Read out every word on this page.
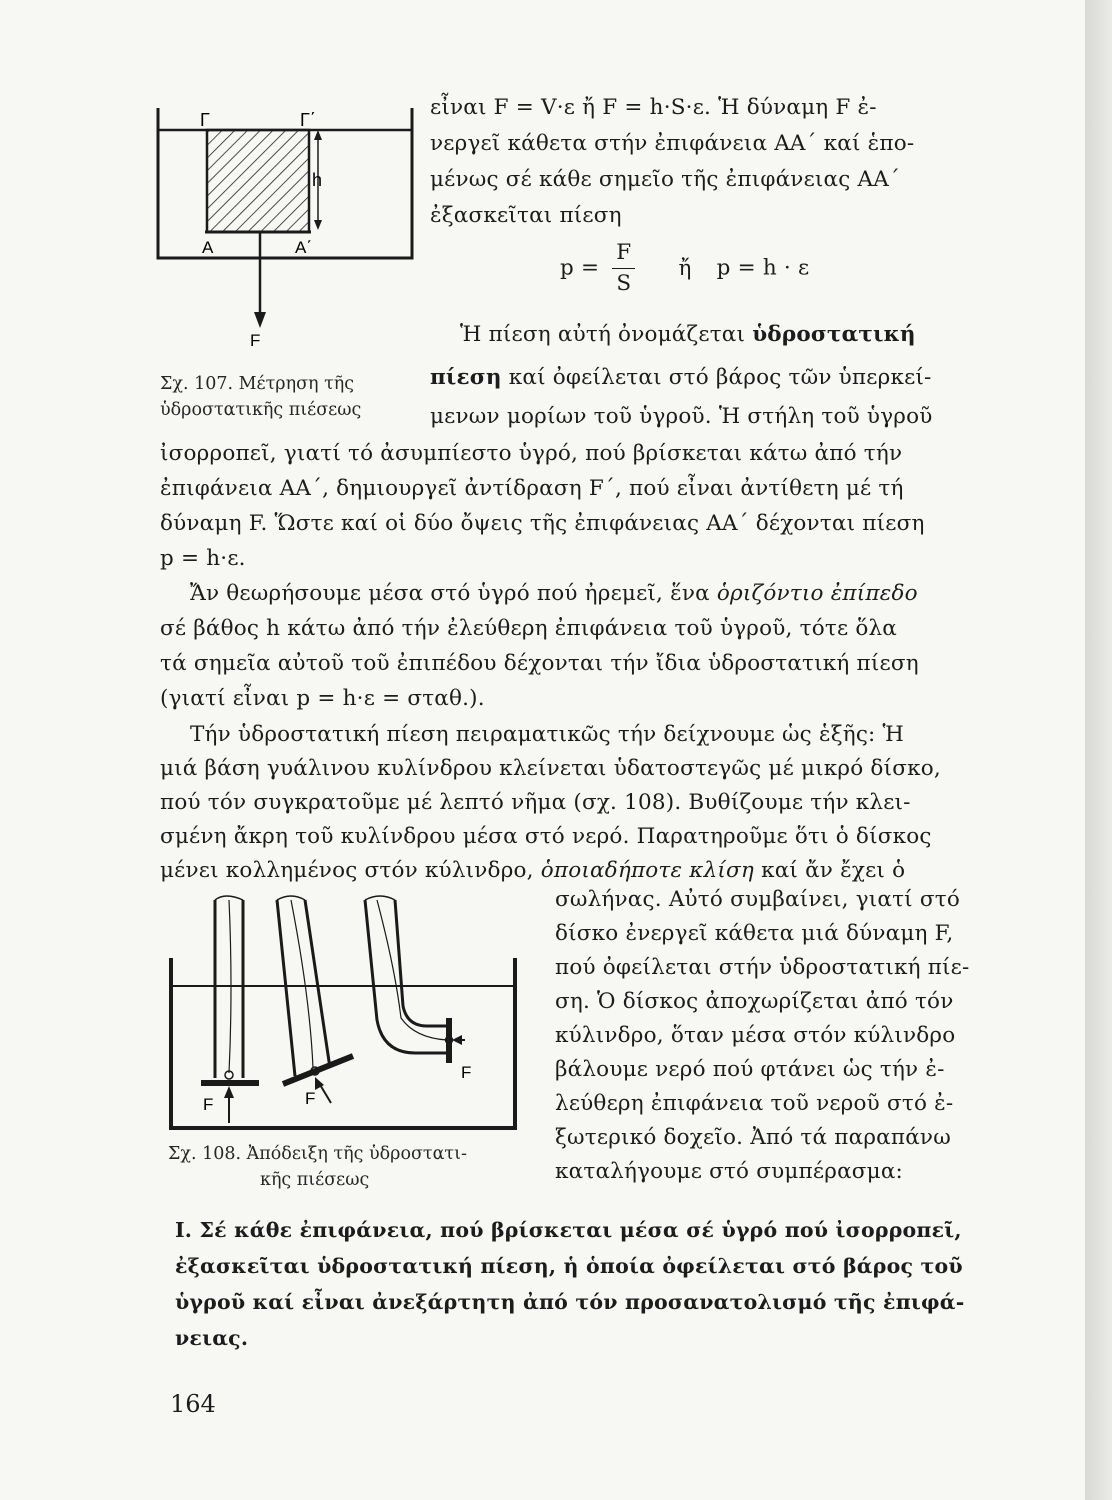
Γ	Γ΄
h
Α	Α΄
F
Σχ. 107. Μέτρηση τῆς
ὑδροστατικῆς πιέσεως
εἶναι F = V·ε ἤ F = h·S·ε. Ἡ δύναμη F ἐ-
νεργεῖ κάθετα στήν ἐπιφάνεια ΑΑ΄ καί ἑπο-
μένως σέ κάθε σημεῖο τῆς ἐπιφάνειας ΑΑ΄
ἐξασκεῖται πίεση
$p = \frac{F}{S}$ ἤ p = h · ε
Ἡ πίεση αὐτή ὀνομάζεται ὑδροστατική
πίεση καί ὀφείλεται στό βάρος τῶν ὑπερκεί-
μενων μορίων τοῦ ὑγροῦ. Ἡ στήλη τοῦ ὑγροῦ
ἰσορροπεῖ, γιατί τό ἀσυμπίεστο ὑγρό, πού βρίσκεται κάτω ἀπό τήν
ἐπιφάνεια ΑΑ΄, δημιουργεῖ ἀντίδραση F΄, πού εἶναι ἀντίθετη μέ τή
δύναμη F. Ὥστε καί οἱ δύο ὄψεις τῆς ἐπιφάνειας ΑΑ΄ δέχονται πίεση
p = h·ε.
Ἄν θεωρήσουμε μέσα στό ὑγρό πού ἠρεμεῖ, ἕνα ὁριζόντιο ἐπίπεδο
σέ βάθος h κάτω ἀπό τήν ἐλεύθερη ἐπιφάνεια τοῦ ὑγροῦ, τότε ὅλα
τά σημεῖα αὐτοῦ τοῦ ἐπιπέδου δέχονται τήν ἴδια ὑδροστατική πίεση
(γιατί εἶναι p = h·ε = σταθ.).
Τήν ὑδροστατική πίεση πειραματικῶς τήν δείχνουμε ὡς ἑξῆς: Ἡ
μιά βάση γυάλινου κυλίνδρου κλείνεται ὑδατοστεγῶς μέ μικρό δίσκο,
πού τόν συγκρατοῦμε μέ λεπτό νῆμα (σχ. 108). Βυθίζουμε τήν κλει-
σμένη ἄκρη τοῦ κυλίνδρου μέσα στό νερό. Παρατηροῦμε ὅτι ὁ δίσκος
μένει κολλημένος στόν κύλινδρο, ὁποιαδήποτε κλίση καί ἄν ἔχει ὁ
F	F
F
Σχ. 108. Ἀπόδειξη τῆς ὑδροστατι-
κῆς πιέσεως
σωλήνας. Αὐτό συμβαίνει, γιατί στό
δίσκο ἐνεργεῖ κάθετα μιά δύναμη F,
πού ὀφείλεται στήν ὑδροστατική πίε-
ση. Ὁ δίσκος ἀποχωρίζεται ἀπό τόν
κύλινδρο, ὅταν μέσα στόν κύλινδρο
βάλουμε νερό πού φτάνει ὡς τήν ἐ-
λεύθερη ἐπιφάνεια τοῦ νεροῦ στό ἐ-
ξωτερικό δοχεῖο. Ἀπό τά παραπάνω
καταλήγουμε στό συμπέρασμα:
Ι. Σέ κάθε ἐπιφάνεια, πού βρίσκεται μέσα σέ ὑγρό πού ἰσορροπεῖ,
ἐξασκεῖται ὑδροστατική πίεση, ἡ ὁποία ὀφείλεται στό βάρος τοῦ
ὑγροῦ καί εἶναι ἀνεξάρτητη ἀπό τόν προσανατολισμό τῆς ἐπιφά-
νειας.
164
